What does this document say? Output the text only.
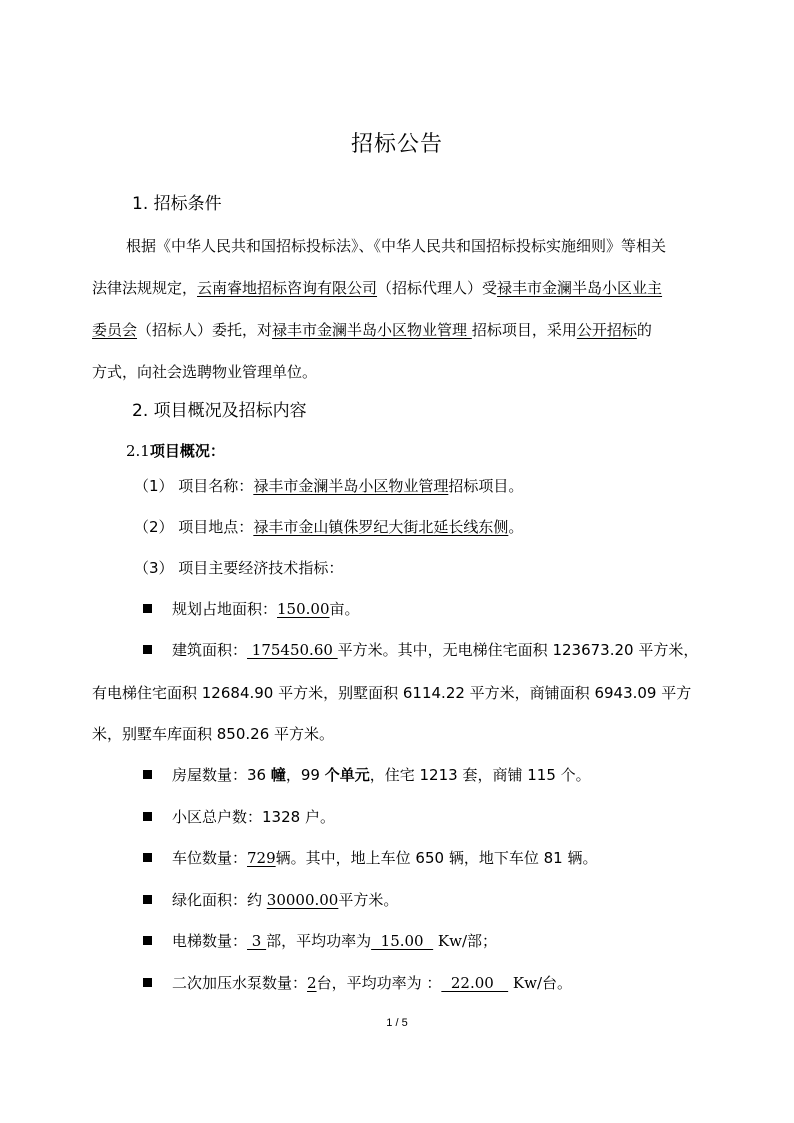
招标公告
1. 招标条件
根据《中华人民共和国招标投标法》、《中华人民共和国招标投标实施细则》等相关
法律法规规定，云南睿地招标咨询有限公司（招标代理人）受禄丰市金澜半岛小区业主
委员会（招标人）委托，对禄丰市金澜半岛小区物业管理 招标项目，采用公开招标的
方式，向社会选聘物业管理单位。
2. 项目概况及招标内容
2.1项目概况：
（1） 项目名称：禄丰市金澜半岛小区物业管理招标项目。
（2） 项目地点：禄丰市金山镇侏罗纪大街北延长线东侧。
（3） 项目主要经济技术指标：
规划占地面积：150.00亩。
建筑面积： 175450.60 平方米。其中，无电梯住宅面积 123673.20 平方米，
有电梯住宅面积 12684.90 平方米，别墅面积 6114.22 平方米，商铺面积 6943.09 平方
米，别墅车库面积 850.26 平方米。
房屋数量：36 幢，99 个单元，住宅 1213 套，商铺 115 个。
小区总户数：1328 户。
车位数量：729辆。其中，地上车位 650 辆，地下车位 81 辆。
绿化面积：约 30000.00平方米。
电梯数量： 3 部，平均功率为  15.00   Kw/部；
二次加压水泵数量：2台，平均功率为 ：  22.00    Kw/台。
1 / 5
